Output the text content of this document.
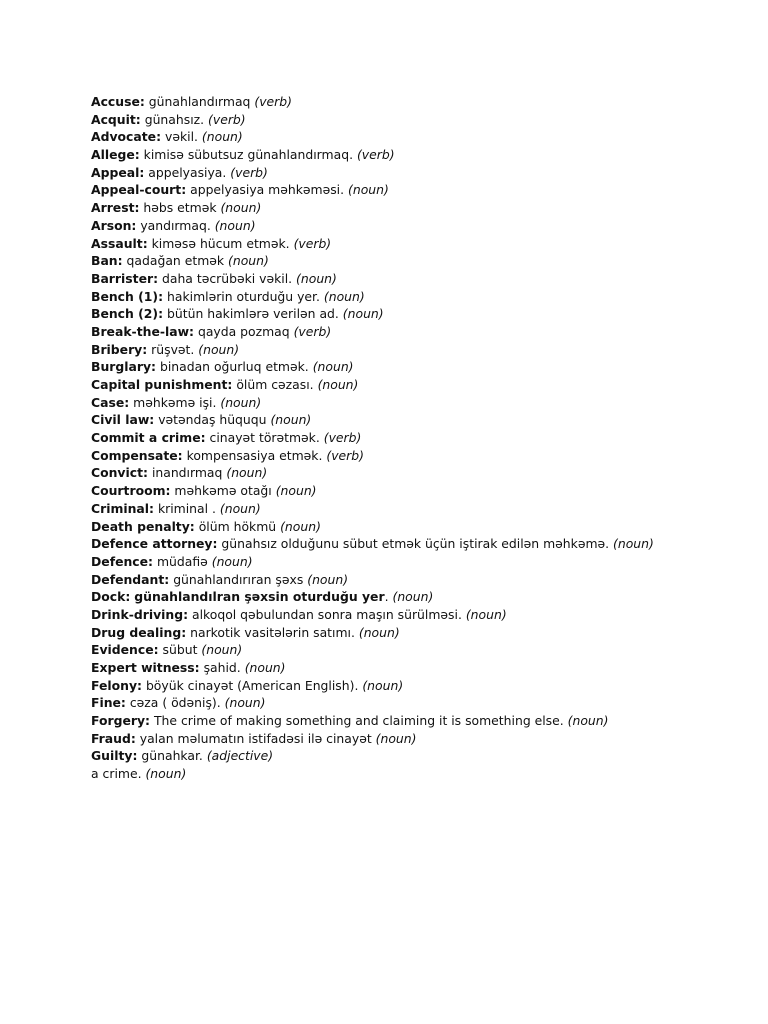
Accuse: günahlandırmaq (verb)
Acquit: günahsız. (verb)
Advocate: vəkil. (noun)
Allege: kimisə sübutsuz günahlandırmaq. (verb)
Appeal: appelyasiya. (verb)
Appeal-court: appelyasiya məhkəməsi. (noun)
Arrest: həbs etmək (noun)
Arson: yandırmaq. (noun)
Assault: kiməsə hücum etmək. (verb)
Ban: qadağan etmək (noun)
Barrister: daha təcrübəki vəkil. (noun)
Bench (1): hakimlərin oturduğu yer. (noun)
Bench (2): bütün hakimlərə verilən ad. (noun)
Break-the-law: qayda pozmaq (verb)
Bribery: rüşvət. (noun)
Burglary: binadan oğurluq etmək. (noun)
Capital punishment: ölüm cəzası. (noun)
Case: məhkəmə işi. (noun)
Civil law: vətəndaş hüququ (noun)
Commit a crime: cinayət törətmək. (verb)
Compensate: kompensasiya etmək. (verb)
Convict: inandırmaq (noun)
Courtroom: məhkəmə otağı (noun)
Criminal: kriminal . (noun)
Death penalty: ölüm hökmü (noun)
Defence attorney: günahsız olduğunu sübut etmək üçün iştirak edilən məhkəmə. (noun)
Defence: müdafiə (noun)
Defendant: günahlandırıran şəxs (noun)
Dock: günahlandılran şəxsin oturduğu yer. (noun)
Drink-driving: alkoqol qəbulundan sonra maşın sürülməsi. (noun)
Drug dealing: narkotik vasitələrin satımı. (noun)
Evidence: sübut (noun)
Expert witness: şahid. (noun)
Felony: böyük cinayət (American English). (noun)
Fine: cəza ( ödəniş). (noun)
Forgery: The crime of making something and claiming it is something else. (noun)
Fraud: yalan məlumatın istifadəsi ilə cinayət (noun)
Guilty: günahkar. (adjective)
a crime. (noun)
